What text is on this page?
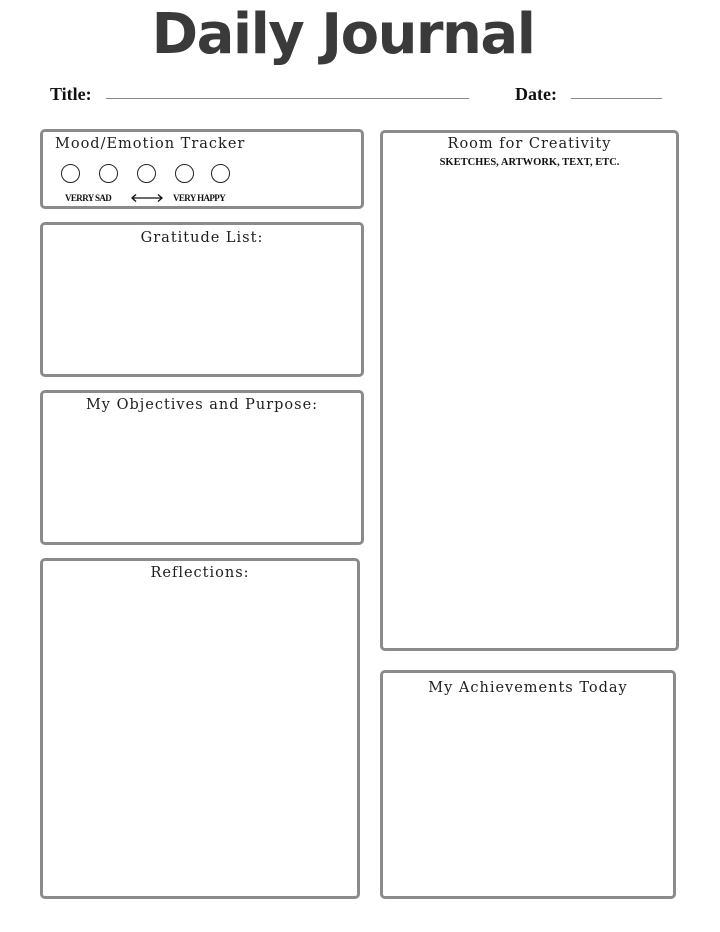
Daily Journal
Title:	Date:
Mood/Emotion Tracker
VERRY SAD	VERY HAPPY
Gratitude List:
My Objectives and Purpose:
Reflections:
Room for Creativity
SKETCHES, ARTWORK, TEXT, ETC.
My Achievements Today
